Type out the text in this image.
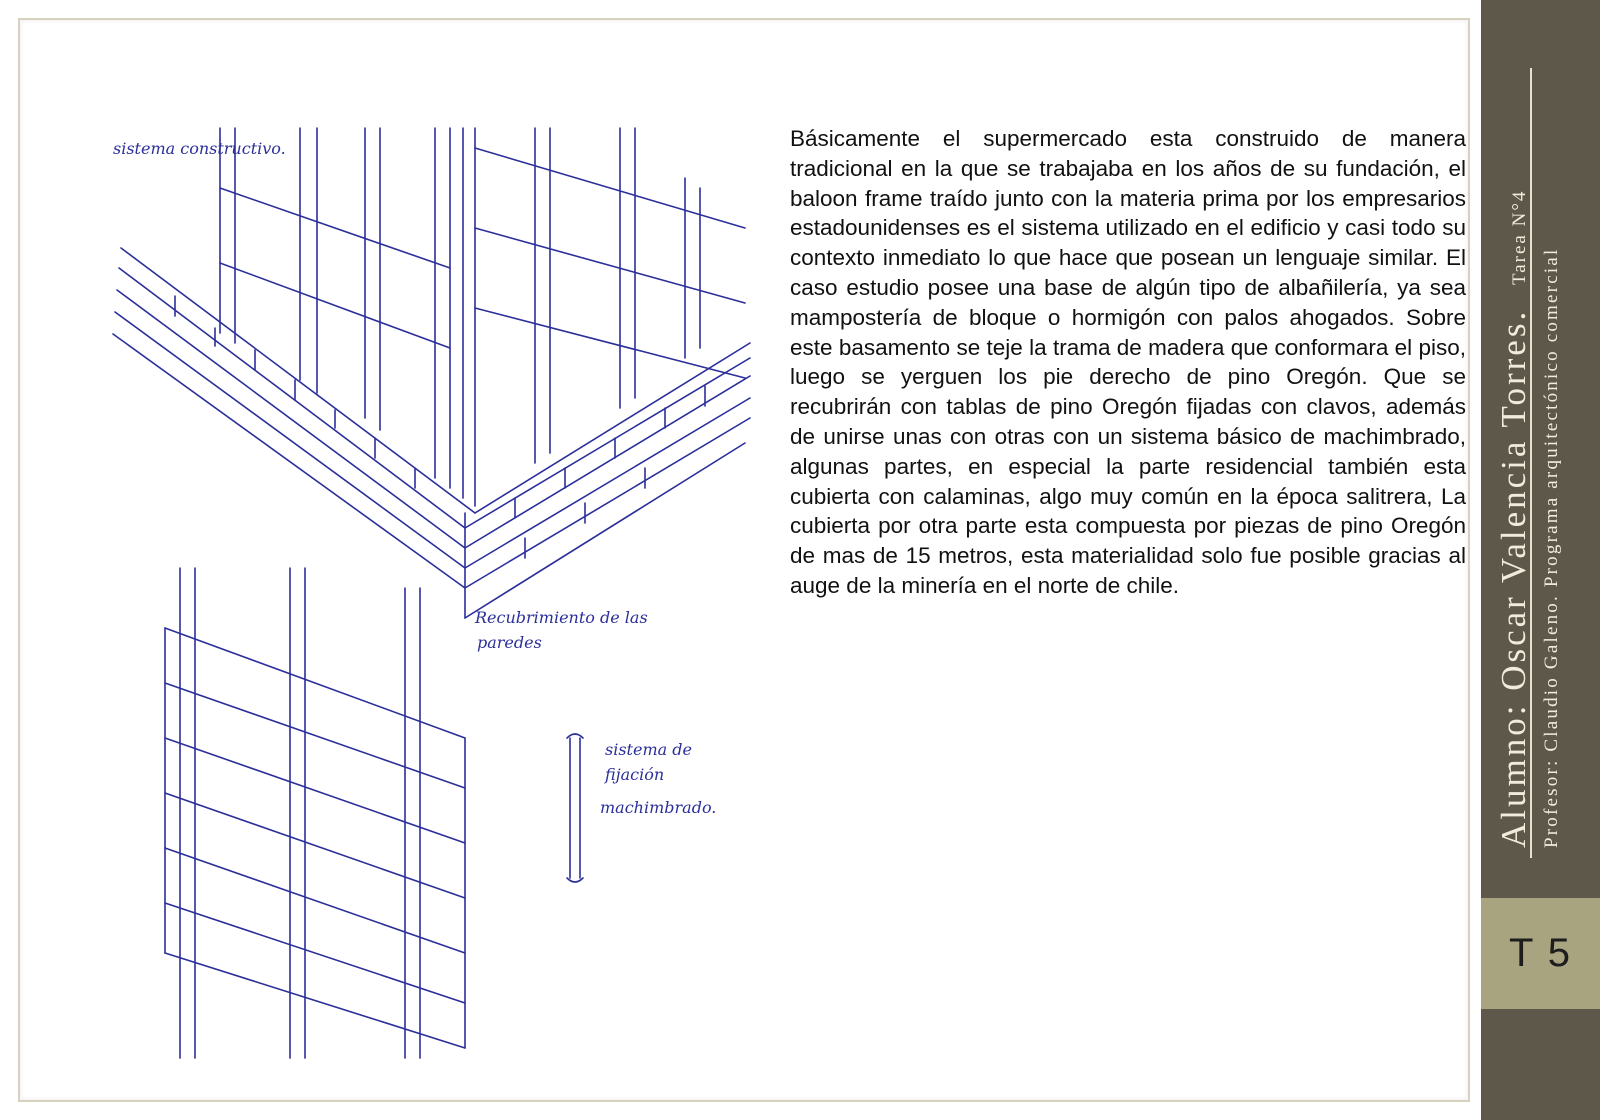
sistema constructivo.
Recubrimiento de las
paredes
sistema de
fijación
machimbrado.

Básicamente el supermercado esta construido de manera tradicional en la que se trabajaba en los años de su fundación, el baloon frame traído junto con la materia prima por los empresarios estadounidenses es el sistema utilizado en el edificio y casi todo su contexto inmediato lo que hace que posean un lenguaje similar. El caso estudio posee una base de algún tipo de albañilería, ya sea mampostería de bloque o hormigón con palos ahogados. Sobre este basamento se teje la trama de madera que conformara el piso, luego se yerguen los pie derecho de pino Oregón. Que se recubrirán con tablas de pino Oregón fijadas con clavos, además de unirse unas con otras con un sistema básico de machimbrado, algunas partes, en especial la parte residencial también esta cubierta con calaminas, algo muy común en la época salitrera, La cubierta por otra parte esta compuesta por piezas de pino Oregón de mas de 15 metros, esta materialidad solo fue posible gracias al auge de la minería en el norte de chile.	Alumno: Oscar Valencia Torres. Tarea N°4
Profesor: Claudio Galeno. Programa arquitectónico comercial
T 5
